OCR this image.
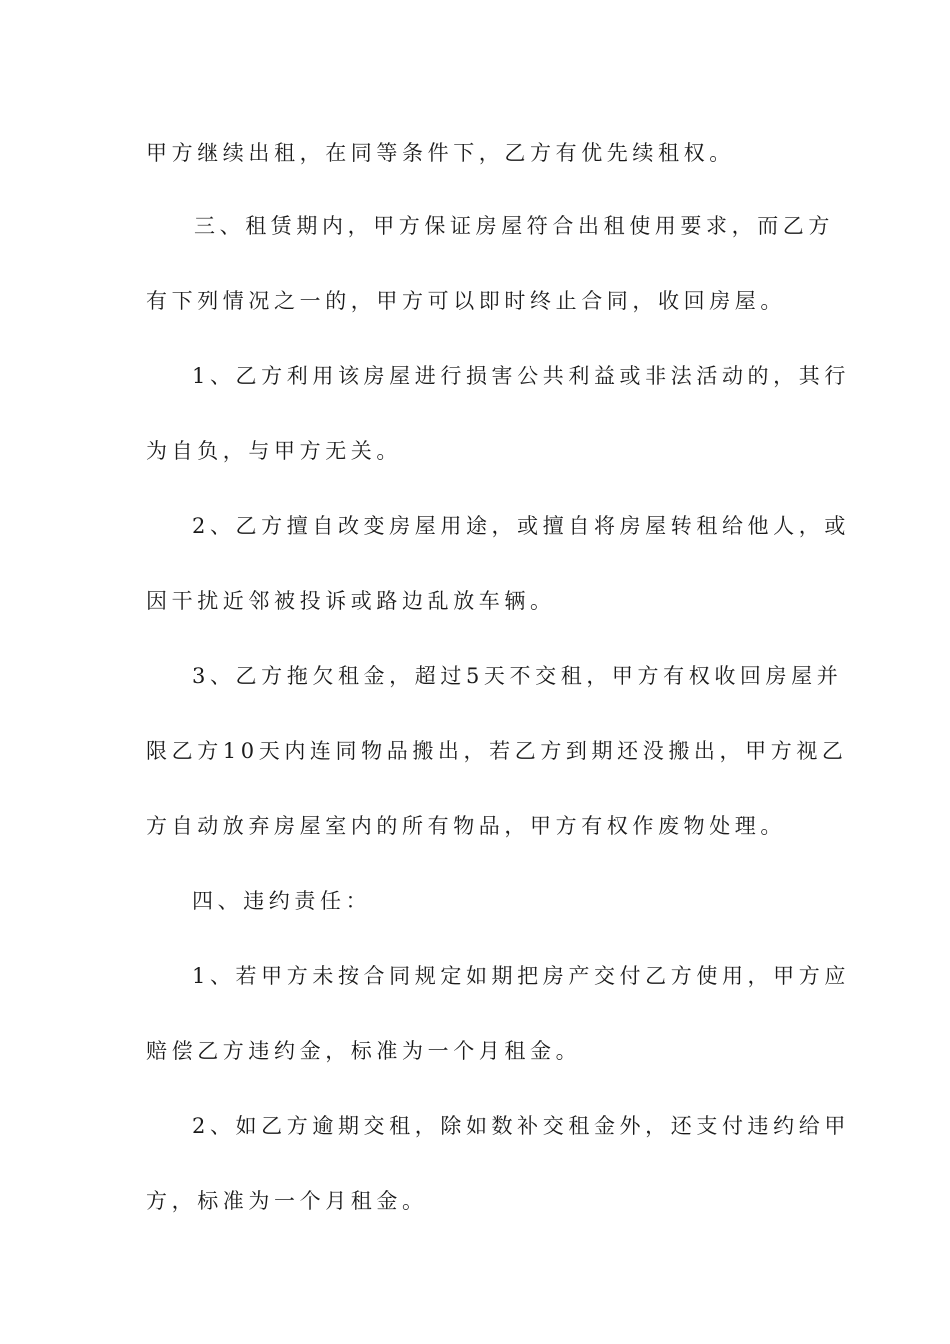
甲方继续出租，在同等条件下，乙方有优先续租权。
三、租赁期内，甲方保证房屋符合出租使用要求，而乙方
有下列情况之一的，甲方可以即时终止合同，收回房屋。
1、乙方利用该房屋进行损害公共利益或非法活动的，其行
为自负，与甲方无关。
2、乙方擅自改变房屋用途，或擅自将房屋转租给他人，或
因干扰近邻被投诉或路边乱放车辆。
3、乙方拖欠租金，超过5天不交租，甲方有权收回房屋并
限乙方10天内连同物品搬出，若乙方到期还没搬出，甲方视乙
方自动放弃房屋室内的所有物品，甲方有权作废物处理。
四、违约责任：
1、若甲方未按合同规定如期把房产交付乙方使用，甲方应
赔偿乙方违约金，标准为一个月租金。
2、如乙方逾期交租，除如数补交租金外，还支付违约给甲
方，标准为一个月租金。
